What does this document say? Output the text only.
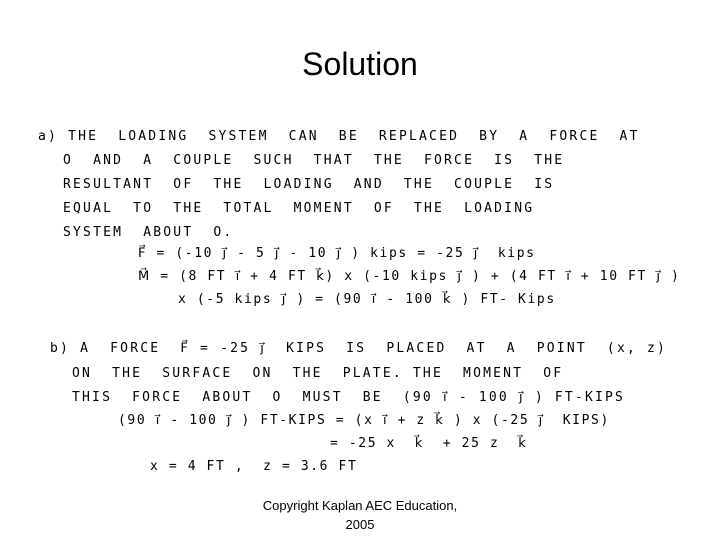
Solution
a) THE  LOADING  SYSTEM  CAN  BE  REPLACED  BY  A  FORCE  AT
O  AND  A  COUPLE  SUCH  THAT  THE  FORCE  IS  THE
RESULTANT  OF  THE  LOADING  AND  THE  COUPLE  IS
EQUAL  TO  THE  TOTAL  MOMENT  OF  THE  LOADING
SYSTEM  ABOUT  O.
F⃗ = (-10 j⃗ - 5 j⃗ - 10 j⃗ ) kips = -25 j⃗  kips
M⃗ = (8 FT i⃗ + 4 FT k⃗) x (-10 kips j⃗ ) + (4 FT i⃗ + 10 FT j⃗ )
x (-5 kips j⃗ ) = (90 i⃗ - 100 k⃗ ) FT- Kips
b) A  FORCE  F⃗ = -25 j⃗  KIPS  IS  PLACED  AT  A  POINT  (x, z)
ON  THE  SURFACE  ON  THE  PLATE. THE  MOMENT  OF
THIS  FORCE  ABOUT  O  MUST  BE  (90 i⃗ - 100 j⃗ ) FT-KIPS
(90 i⃗ - 100 j⃗ ) FT-KIPS = (x i⃗ + z k⃗ ) x (-25 j⃗  KIPS)
= -25 x  k⃗  + 25 z  k⃗
x = 4 FT ,  z = 3.6 FT
Copyright Kaplan AEC Education,
2005
